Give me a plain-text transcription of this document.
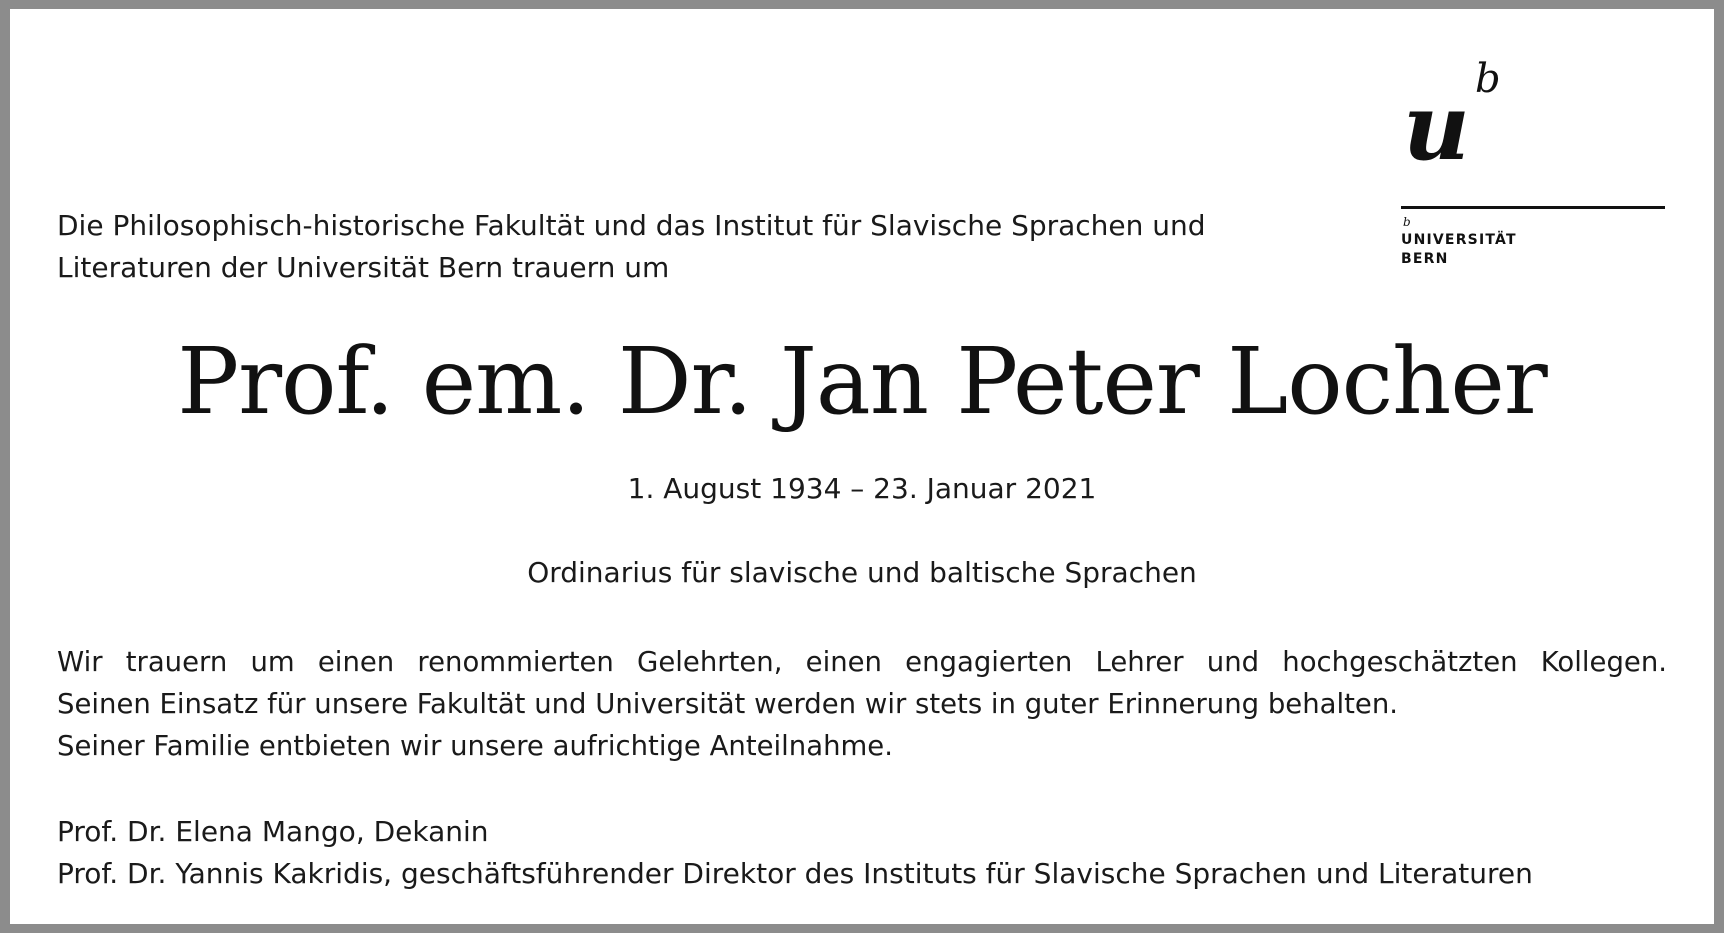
Die Philosophisch-historische Fakultät und das Institut für Slavische Sprachen und
Literaturen der Universität Bern trauern um
u b
b
UNIVERSITÄT
BERN
Prof. em. Dr. Jan Peter Locher
1. August 1934 – 23. Januar 2021
Ordinarius für slavische und baltische Sprachen
Wir trauern um einen renommierten Gelehrten, einen engagierten Lehrer und hochgeschätzten Kollegen.
Seinen Einsatz für unsere Fakultät und Universität werden wir stets in guter Erinnerung behalten.
Seiner Familie entbieten wir unsere aufrichtige Anteilnahme.
Prof. Dr. Elena Mango, Dekanin
Prof. Dr. Yannis Kakridis, geschäftsführender Direktor des Instituts für Slavische Sprachen und Literaturen
